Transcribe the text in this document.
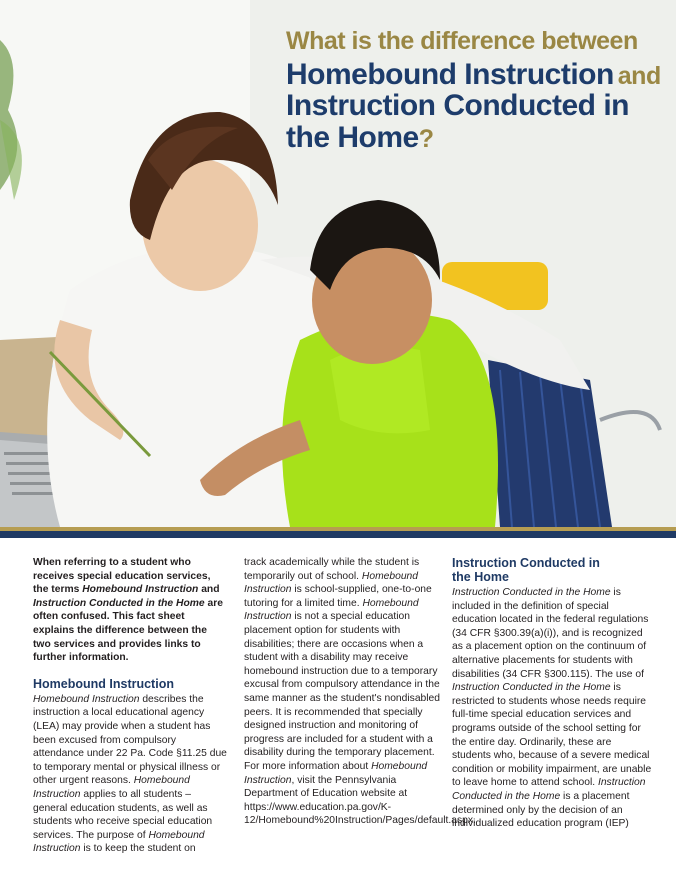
What is the difference between
Homebound Instruction and
Instruction Conducted in
the Home?

When referring to a student who receives special education services, the terms Homebound Instruction and Instruction Conducted in the Home are often confused. This fact sheet explains the difference between the two services and provides links to further information.

Homebound Instruction

Homebound Instruction describes the instruction a local educational agency (LEA) may provide when a student has been excused from compulsory attendance under 22 Pa. Code §11.25 due to temporary mental or physical illness or other urgent reasons. Homebound Instruction applies to all students – general education students, as well as students who receive special education services. The purpose of Homebound Instruction is to keep the student on

track academically while the student is temporarily out of school. Homebound Instruction is school-supplied, one-to-one tutoring for a limited time. Homebound Instruction is not a special education placement option for students with disabilities; there are occasions when a student with a disability may receive homebound instruction due to a temporary excusal from compulsory attendance in the same manner as the student's nondisabled peers. It is recommended that specially designed instruction and monitoring of progress are included for a student with a disability during the temporary placement. For more information about Homebound Instruction, visit the Pennsylvania Department of Education website at https://www.education.pa.gov/K-12/Homebound%20Instruction/Pages/default.aspx.

Instruction Conducted in
the Home

Instruction Conducted in the Home is included in the definition of special education located in the federal regulations (34 CFR §300.39(a)(i)), and is recognized as a placement option on the continuum of alternative placements for students with disabilities (34 CFR §300.115). The use of Instruction Conducted in the Home is restricted to students whose needs require full-time special education services and programs outside of the school setting for the entire day. Ordinarily, these are students who, because of a severe medical condition or mobility impairment, are unable to leave home to attend school. Instruction Conducted in the Home is a placement determined only by the decision of an individualized education program (IEP)
